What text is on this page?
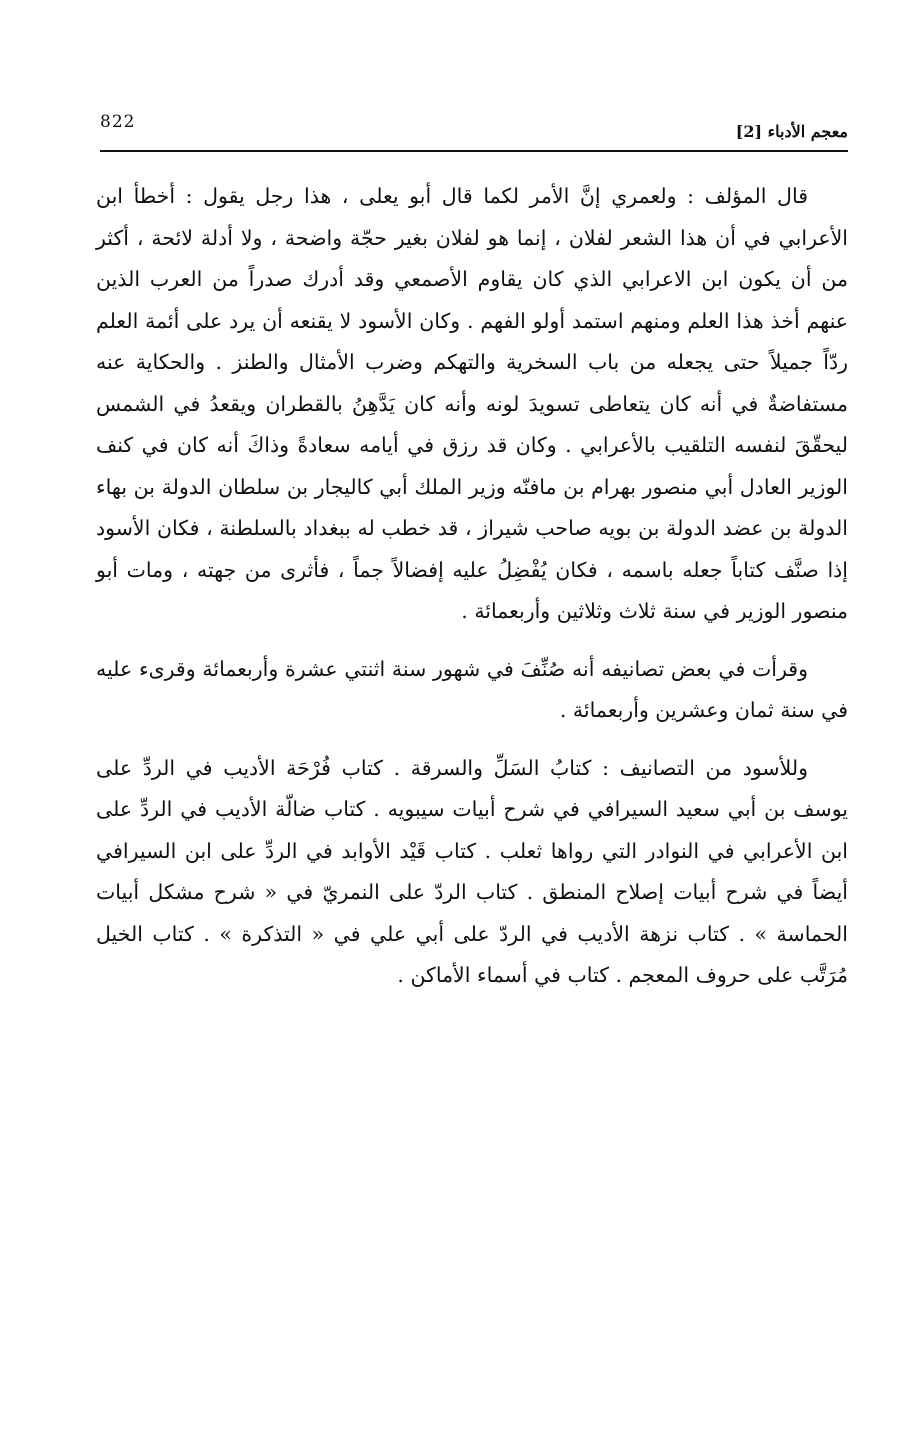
822	معجم الأدباء [2]

قال المؤلف : ولعمري إنَّ الأمر لكما قال أبو يعلى ، هذا رجل يقول : أخطأ ابن الأعرابي في أن هذا الشعر لفلان ، إنما هو لفلان بغير حجّة واضحة ، ولا أدلة لائحة ، أكثر من أن يكون ابن الاعرابي الذي كان يقاوم الأصمعي وقد أدرك صدراً من العرب الذين عنهم أخذ هذا العلم ومنهم استمد أولو الفهم . وكان الأسود لا يقنعه أن يرد على أئمة العلم ردّاً جميلاً حتى يجعله من باب السخرية والتهكم وضرب الأمثال والطنز . والحكاية عنه مستفاضةٌ في أنه كان يتعاطى تسويدَ لونه وأنه كان يَدَّهِنُ بالقطران ويقعدُ في الشمس ليحقّقَ لنفسه التلقيب بالأعرابي . وكان قد رزق في أيامه سعادةً وذاكَ أنه كان في كنف الوزير العادل أبي منصور بهرام بن مافنّه وزير الملك أبي كاليجار بن سلطان الدولة بن بهاء الدولة بن عضد الدولة بن بويه صاحب شيراز ، قد خطب له ببغداد بالسلطنة ، فكان الأسود إذا صنَّف كتاباً جعله باسمه ، فكان يُفْضِلُ عليه إفضالاً جماً ، فأثرى من جهته ، ومات أبو منصور الوزير في سنة ثلاث وثلاثين وأربعمائة .

وقرأت في بعض تصانيفه أنه صُنِّفَ في شهور سنة اثنتي عشرة وأربعمائة وقرىء عليه في سنة ثمان وعشرين وأربعمائة .

وللأسود من التصانيف : كتابُ السَلِّ والسرقة . كتاب فُرْحَة الأديب في الردِّ على يوسف بن أبي سعيد السيرافي في شرح أبيات سيبويه . كتاب ضالّة الأديب في الردِّ على ابن الأعرابي في النوادر التي رواها ثعلب . كتاب قَيْد الأوابد في الردِّ على ابن السيرافي أيضاً في شرح أبيات إصلاح المنطق . كتاب الردّ على النمريّ في « شرح مشكل أبيات الحماسة » . كتاب نزهة الأديب في الردّ على أبي علي في « التذكرة » . كتاب الخيل مُرَتَّب على حروف المعجم . كتاب في أسماء الأماكن .
